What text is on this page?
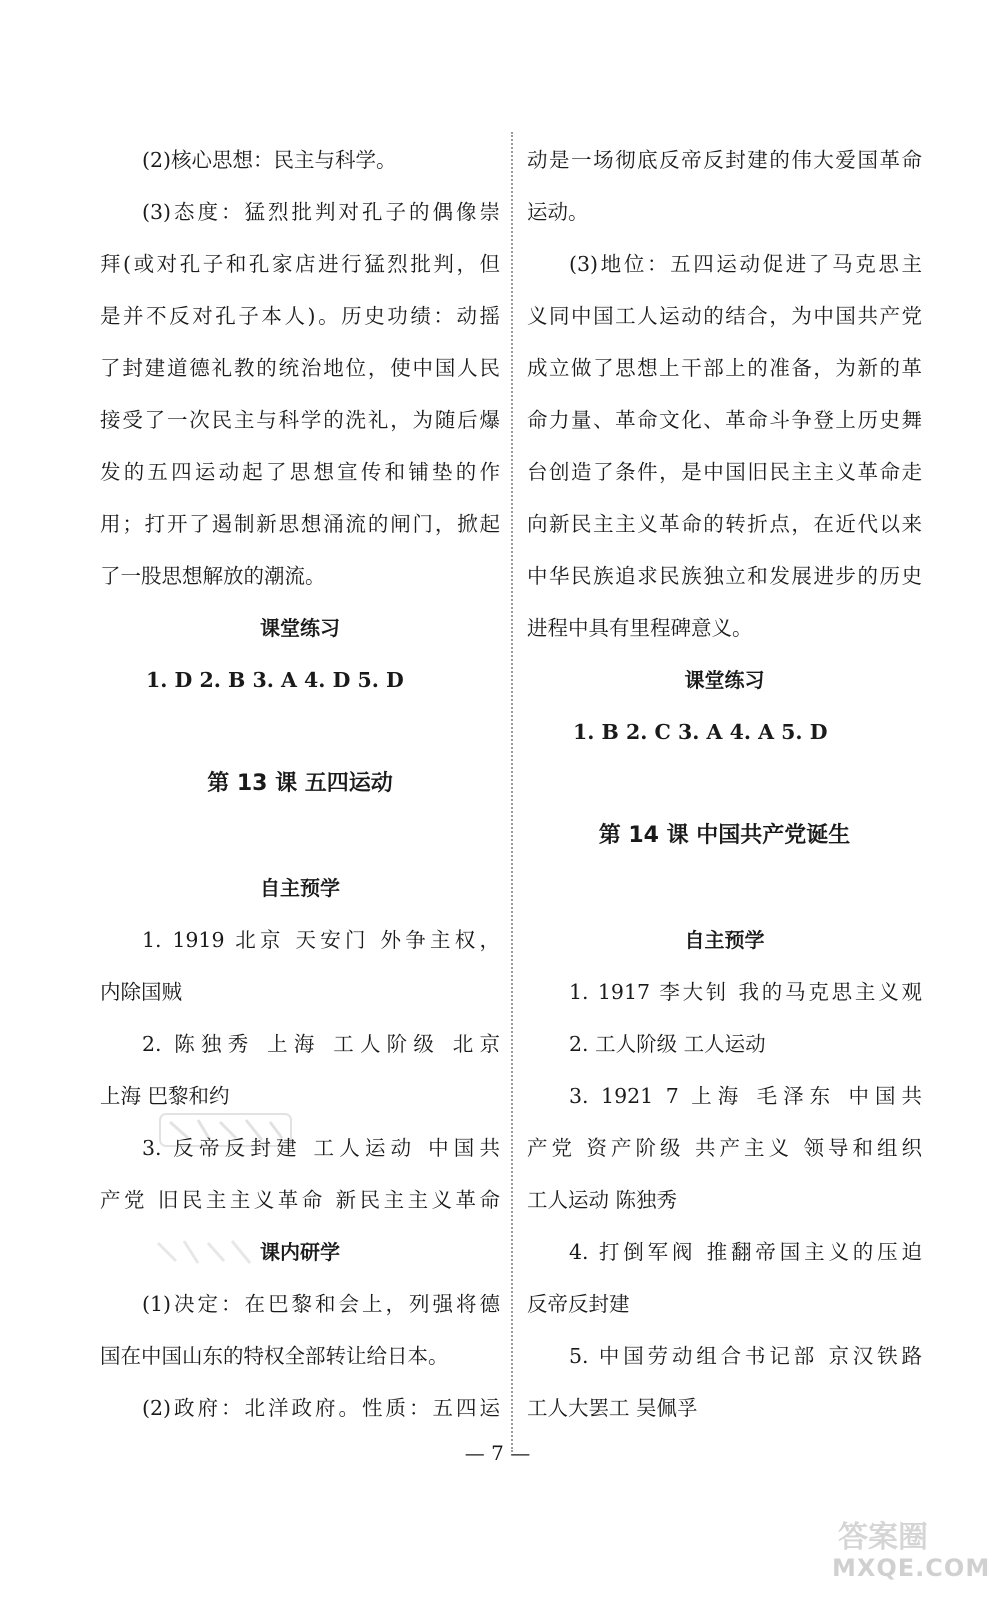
(2)核心思想：民主与科学。
(3)态度：猛烈批判对孔子的偶像崇
拜(或对孔子和孔家店进行猛烈批判，但
是并不反对孔子本人)。历史功绩：动摇
了封建道德礼教的统治地位，使中国人民
接受了一次民主与科学的洗礼，为随后爆
发的五四运动起了思想宣传和铺垫的作
用；打开了遏制新思想涌流的闸门，掀起
了一股思想解放的潮流。
课堂练习
1. D 2. B 3. A 4. D 5. D
第 13 课 五四运动
自主预学
1. 1919 北京 天安门 外争主权，
内除国贼
2. 陈独秀 上海 工人阶级 北京
上海 巴黎和约
3. 反帝反封建 工人运动 中国共
产党 旧民主主义革命 新民主主义革命
课内研学
(1)决定：在巴黎和会上，列强将德
国在中国山东的特权全部转让给日本。
(2)政府：北洋政府。性质：五四运
动是一场彻底反帝反封建的伟大爱国革命
运动。
(3)地位：五四运动促进了马克思主
义同中国工人运动的结合，为中国共产党
成立做了思想上干部上的准备，为新的革
命力量、革命文化、革命斗争登上历史舞
台创造了条件，是中国旧民主主义革命走
向新民主主义革命的转折点，在近代以来
中华民族追求民族独立和发展进步的历史
进程中具有里程碑意义。
课堂练习
1. B 2. C 3. A 4. A 5. D
第 14 课 中国共产党诞生
自主预学
1. 1917 李大钊 我的马克思主义观
2. 工人阶级 工人运动
3. 1921 7 上海 毛泽东 中国共
产党 资产阶级 共产主义 领导和组织
工人运动 陈独秀
4. 打倒军阀 推翻帝国主义的压迫
反帝反封建
5. 中国劳动组合书记部 京汉铁路
工人大罢工 吴佩孚
— 7 —
答案圈
MXQE.COM
